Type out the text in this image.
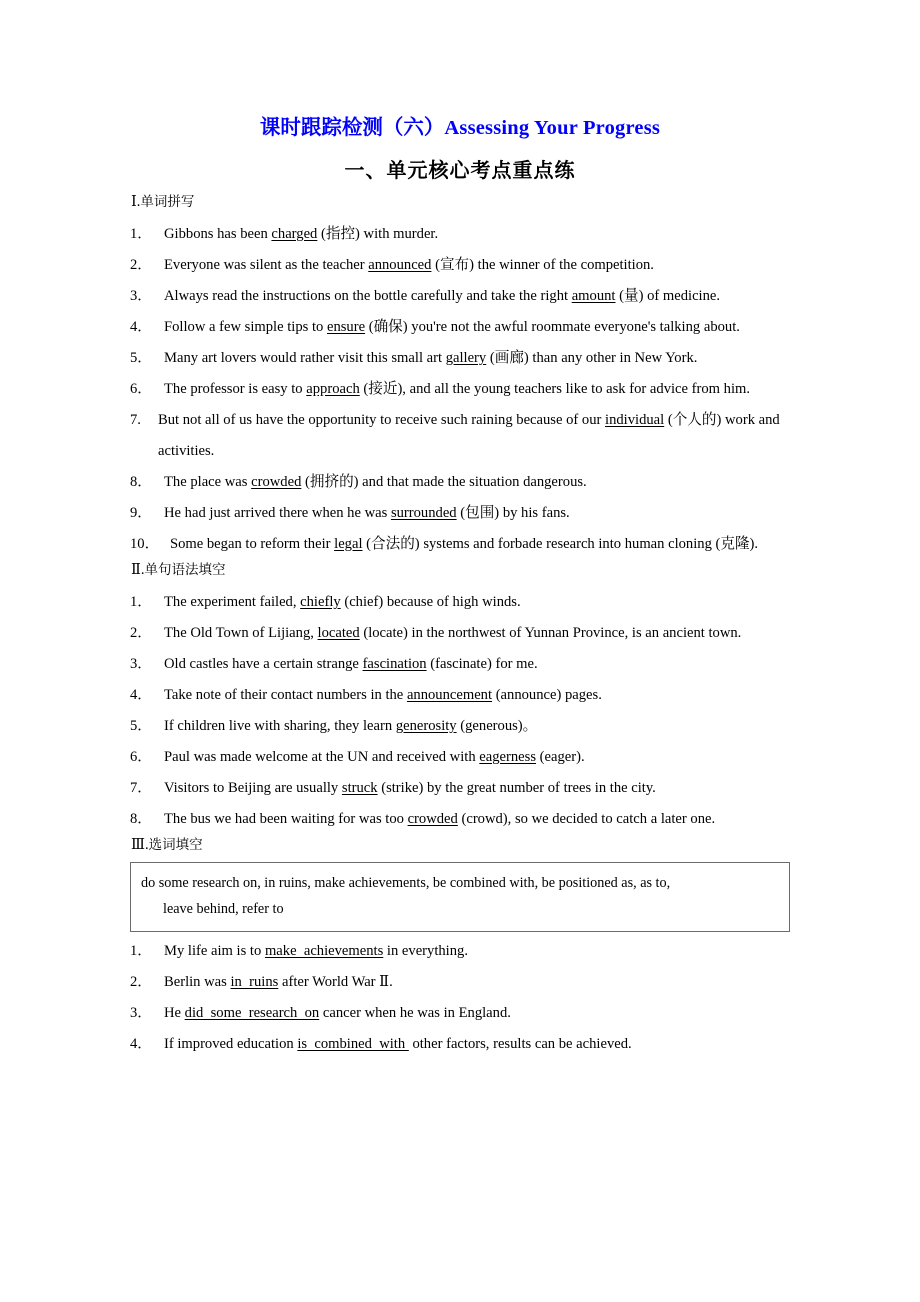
课时跟踪检测（六）Assessing Your Progress
一、单元核心考点重点练
Ⅰ.单词拼写
1． Gibbons has been charged (指控) with murder.
2． Everyone was silent as the teacher announced (宣布) the winner of the competition.
3． Always read the instructions on the bottle carefully and take the right amount (量) of medicine.
4． Follow a few simple tips to ensure (确保) you're not the awful roommate everyone's talking about.
5． Many art lovers would rather visit this small art gallery (画廊) than any other in New York.
6． The professor is easy to approach (接近), and all the young teachers like to ask for advice from him.
7.	But not all of us have the opportunity to receive such raining because of our individual (个人的) work and activities.
8． The place was crowded (拥挤的) and that made the situation dangerous.
9． He had just arrived there when he was surrounded (包围) by his fans.
10． Some began to reform their legal (合法的) systems and forbade research into human cloning (克隆).
Ⅱ.单句语法填空
1． The experiment failed, chiefly (chief) because of high winds.
2． The Old Town of Lijiang, located (locate) in the northwest of Yunnan Province, is an ancient town.
3． Old castles have a certain strange fascination (fascinate) for me.
4． Take note of their contact numbers in the announcement (announce) pages.
5． If children live with sharing, they learn generosity (generous)。
6． Paul was made welcome at the UN and received with eagerness (eager).
7． Visitors to Beijing are usually struck (strike) by the great number of trees in the city.
8． The bus we had been waiting for was too crowded (crowd), so we decided to catch a later one.
Ⅲ.选词填空
do some research on, in ruins, make achievements, be combined with, be positioned as, as to,
leave behind, refer to
1． My life aim is to make  achievements in everything.
2． Berlin was in  ruins after World War Ⅱ.
3． He did  some  research  on cancer when he was in England.
4． If improved education is  combined  with  other factors, results can be achieved.
